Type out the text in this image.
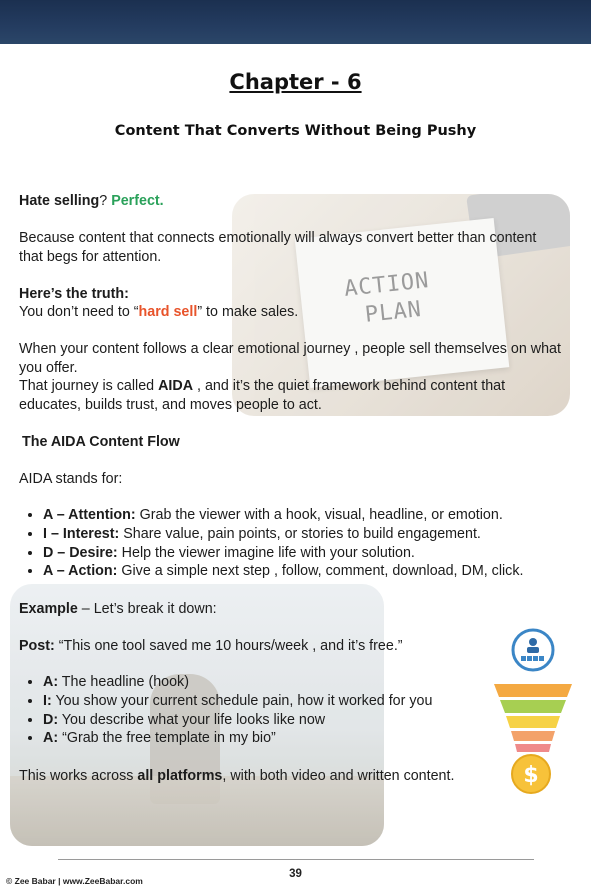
Chapter - 6
Content That Converts Without Being Pushy
ACTION
PLAN
Hate selling? Perfect.
Because content that connects emotionally will always convert better than content that begs for attention.
Here’s the truth:
You don’t need to “hard sell” to make sales.
When your content follows a clear emotional journey , people sell themselves on what you offer.
That journey is called AIDA , and it’s the quiet framework behind content that educates, builds trust, and moves people to act.
The AIDA Content Flow
AIDA stands for:
• A – Attention: Grab the viewer with a hook, visual, headline, or emotion.
• I – Interest: Share value, pain points, or stories to build engagement.
• D – Desire: Help the viewer imagine life with your solution.
• A – Action: Give a simple next step , follow, comment, download, DM, click.
Example – Let’s break it down:
Post: “This one tool saved me 10 hours/week , and it’s free.”
• A: The headline (hook)
• I: You show your current schedule pain, how it worked for you
• D: You describe what your life looks like now
• A: “Grab the free template in my bio”
This works across all platforms, with both video and written content.	$
© Zee Babar | www.ZeeBabar.com
39
